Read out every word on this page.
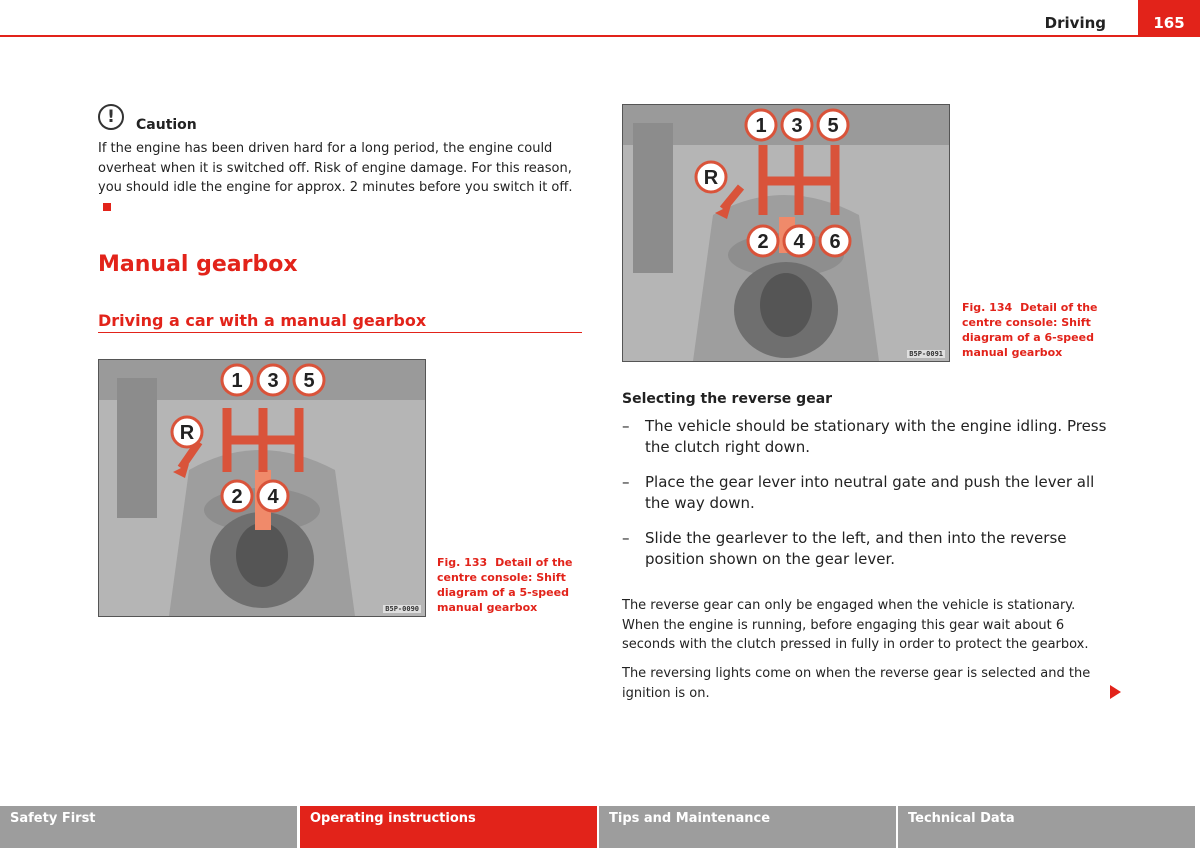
Driving	165
!	Caution
If the engine has been driven hard for a long period, the engine could overheat when it is switched off. Risk of engine damage. For this reason, you should idle the engine for approx. 2 minutes before you switch it off.
Manual gearbox
Driving a car with a manual gearbox
1 3 5
2 4
R
B5P-0090
Fig. 133 Detail of the centre console: Shift diagram of a 5-speed manual gearbox
1 3 5
2 4 6
R
B5P-0091
Fig. 134 Detail of the centre console: Shift diagram of a 6-speed manual gearbox
Selecting the reverse gear
– The vehicle should be stationary with the engine idling. Press the clutch right down.
– Place the gear lever into neutral gate and push the lever all the way down.
– Slide the gearlever to the left, and then into the reverse position shown on the gear lever.

The reverse gear can only be engaged when the vehicle is stationary. When the engine is running, before engaging this gear wait about 6 seconds with the clutch pressed in fully in order to protect the gearbox.

The reversing lights come on when the reverse gear is selected and the ignition is on.

Safety First	Operating instructions	Tips and Maintenance	Technical Data
